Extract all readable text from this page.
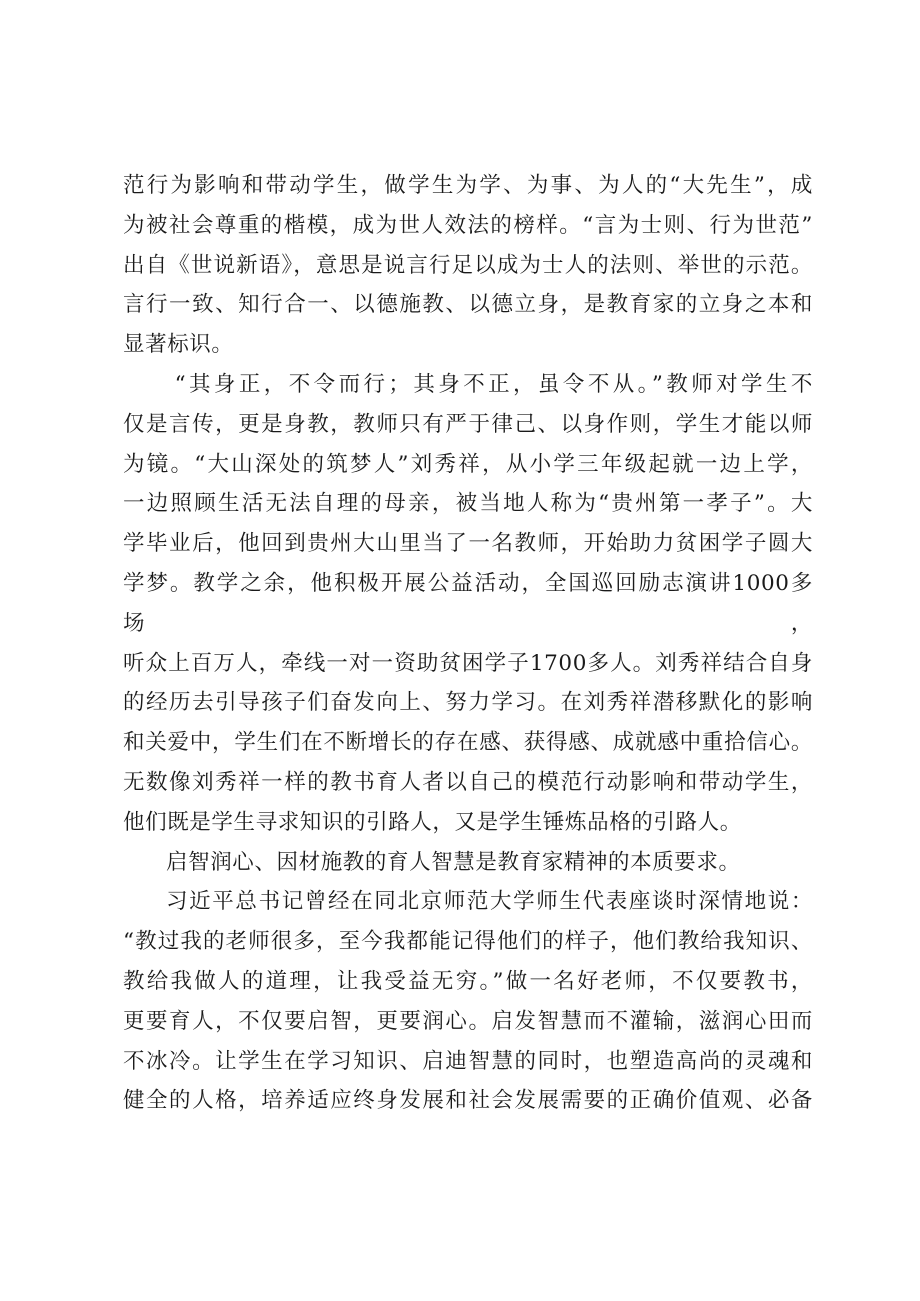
范行为影响和带动学生，做学生为学、为事、为人的“大先生”，成
为被社会尊重的楷模，成为世人效法的榜样。“言为士则、行为世范”
出自《世说新语》，意思是说言行足以成为士人的法则、举世的示范。
言行一致、知行合一、以德施教、以德立身，是教育家的立身之本和
显著标识。
“其身正，不令而行；其身不正，虽令不从。”教师对学生不
仅是言传，更是身教，教师只有严于律己、以身作则，学生才能以师
为镜。“大山深处的筑梦人”刘秀祥，从小学三年级起就一边上学，
一边照顾生活无法自理的母亲，被当地人称为“贵州第一孝子”。大
学毕业后，他回到贵州大山里当了一名教师，开始助力贫困学子圆大
学梦。教学之余，他积极开展公益活动，全国巡回励志演讲1000多场，
听众上百万人，牵线一对一资助贫困学子1700多人。刘秀祥结合自身
的经历去引导孩子们奋发向上、努力学习。在刘秀祥潜移默化的影响
和关爱中，学生们在不断增长的存在感、获得感、成就感中重拾信心。
无数像刘秀祥一样的教书育人者以自己的模范行动影响和带动学生，
他们既是学生寻求知识的引路人，又是学生锤炼品格的引路人。
启智润心、因材施教的育人智慧是教育家精神的本质要求。
习近平总书记曾经在同北京师范大学师生代表座谈时深情地说：
“教过我的老师很多，至今我都能记得他们的样子，他们教给我知识、
教给我做人的道理，让我受益无穷。”做一名好老师，不仅要教书，
更要育人，不仅要启智，更要润心。启发智慧而不灌输，滋润心田而
不冰冷。让学生在学习知识、启迪智慧的同时，也塑造高尚的灵魂和
健全的人格，培养适应终身发展和社会发展需要的正确价值观、必备
